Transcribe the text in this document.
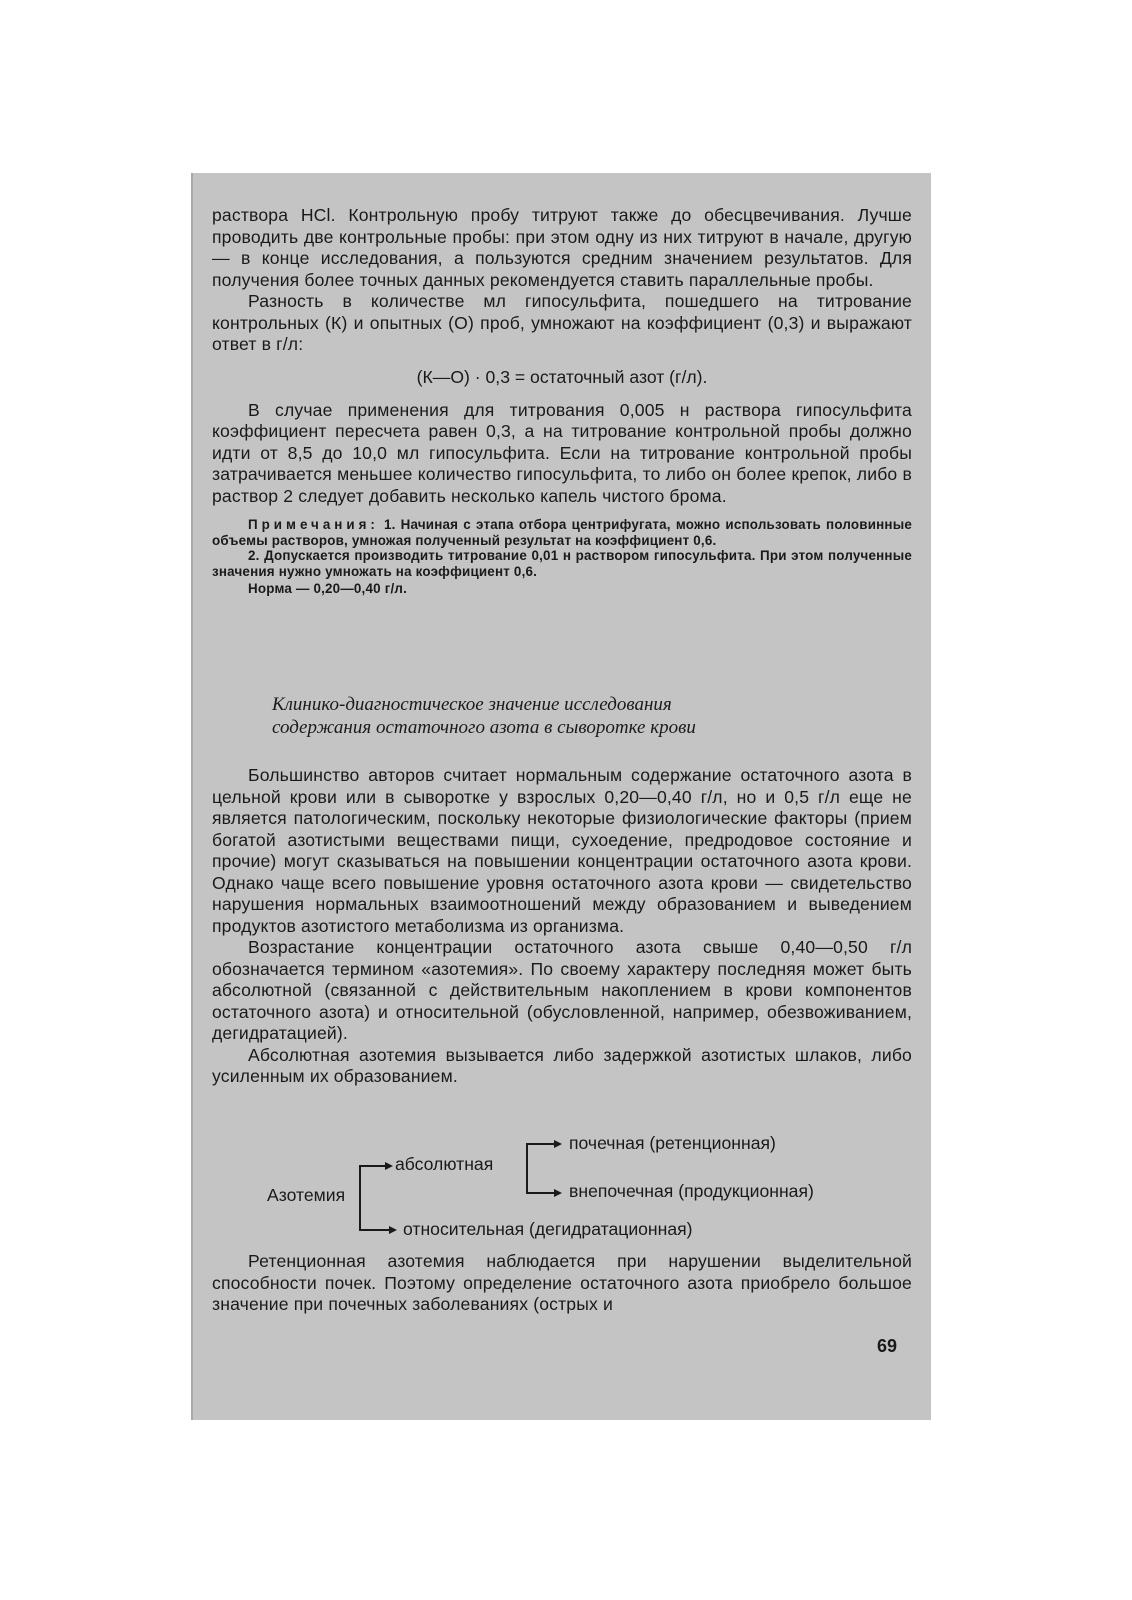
раствора HCl. Контрольную пробу титруют также до обесцвечивания. Лучше проводить две контрольные пробы: при этом одну из них титруют в начале, другую — в конце исследования, а пользуются средним значением результатов. Для получения более точных данных рекомендуется ставить параллельные пробы.

Разность в количестве мл гипосульфита, пошедшего на титрование контрольных (К) и опытных (О) проб, умножают на коэффициент (0,3) и выражают ответ в г/л:

(К—О) · 0,3 = остаточный азот (г/л).

В случае применения для титрования 0,005 н раствора гипосульфита коэффициент пересчета равен 0,3, а на титрование контрольной пробы должно идти от 8,5 до 10,0 мл гипосульфита. Если на титрование контрольной пробы затрачивается меньшее количество гипосульфита, то либо он более крепок, либо в раствор 2 следует добавить несколько капель чистого брома.

Примечания: 1. Начиная с этапа отбора центрифугата, можно использовать половинные объемы растворов, умножая полученный результат на коэффициент 0,6.

2. Допускается производить титрование 0,01 н раствором гипосульфита. При этом полученные значения нужно умножать на коэффициент 0,6.

Норма — 0,20—0,40 г/л.

Клинико-диагностическое значение исследования

содержания остаточного азота в сыворотке крови

Большинство авторов считает нормальным содержание остаточного азота в цельной крови или в сыворотке у взрослых 0,20—0,40 г/л, но и 0,5 г/л еще не является патологическим, поскольку некоторые физиологические факторы (прием богатой азотистыми веществами пищи, сухоедение, предродовое состояние и прочие) могут сказываться на повышении концентрации остаточного азота крови. Однако чаще всего повышение уровня остаточного азота крови — свидетельство нарушения нормальных взаимоотношений между образованием и выведением продуктов азотистого метаболизма из организма.

Возрастание концентрации остаточного азота свыше 0,40—0,50 г/л обозначается термином «азотемия». По своему характеру последняя может быть абсолютной (связанной с действительным накоплением в крови компонентов остаточного азота) и относительной (обусловленной, например, обезвоживанием, дегидратацией).

Абсолютная азотемия вызывается либо задержкой азотистых шлаков, либо усиленным их образованием.

Азотемия
абсолютная
относительная (дегидратационная)
почечная (ретенционная)
внепочечная (продукционная)

Ретенционная азотемия наблюдается при нарушении выделительной способности почек. Поэтому определение остаточного азота приобрело большое значение при почечных заболеваниях (острых и

69
